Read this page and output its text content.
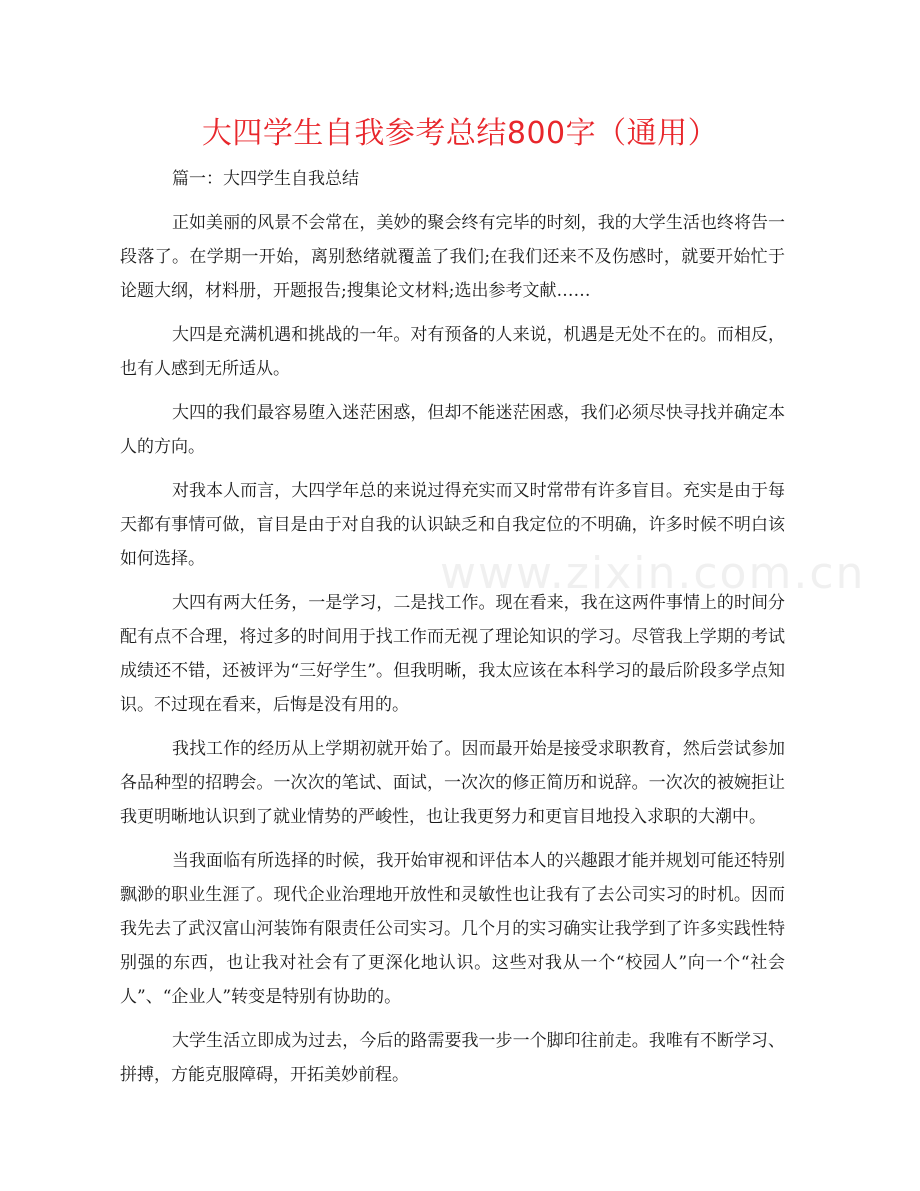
大四学生自我参考总结800字（通用）

篇一：大四学生自我总结

正如美丽的风景不会常在，美妙的聚会终有完毕的时刻，我的大学生活也终将告一段落了。在学期一开始，离别愁绪就覆盖了我们;在我们还来不及伤感时，就要开始忙于论题大纲，材料册，开题报告;搜集论文材料;选出参考文献……

大四是充满机遇和挑战的一年。对有预备的人来说，机遇是无处不在的。而相反，也有人感到无所适从。

大四的我们最容易堕入迷茫困惑，但却不能迷茫困惑，我们必须尽快寻找并确定本人的方向。

对我本人而言，大四学年总的来说过得充实而又时常带有许多盲目。充实是由于每天都有事情可做，盲目是由于对自我的认识缺乏和自我定位的不明确，许多时候不明白该如何选择。

大四有两大任务，一是学习，二是找工作。现在看来，我在这两件事情上的时间分配有点不合理，将过多的时间用于找工作而无视了理论知识的学习。尽管我上学期的考试成绩还不错，还被评为“三好学生”。但我明晰，我太应该在本科学习的最后阶段多学点知识。不过现在看来，后悔是没有用的。

我找工作的经历从上学期初就开始了。因而最开始是接受求职教育，然后尝试参加各品种型的招聘会。一次次的笔试、面试，一次次的修正简历和说辞。一次次的被婉拒让我更明晰地认识到了就业情势的严峻性，也让我更努力和更盲目地投入求职的大潮中。

当我面临有所选择的时候，我开始审视和评估本人的兴趣跟才能并规划可能还特别飘渺的职业生涯了。现代企业治理地开放性和灵敏性也让我有了去公司实习的时机。因而我先去了武汉富山河装饰有限责任公司实习。几个月的实习确实让我学到了许多实践性特别强的东西，也让我对社会有了更深化地认识。这些对我从一个“校园人”向一个“社会人”、“企业人”转变是特别有协助的。

大学生活立即成为过去，今后的路需要我一步一个脚印往前走。我唯有不断学习、拼搏，方能克服障碍，开拓美妙前程。

www.zixin.com.cn
